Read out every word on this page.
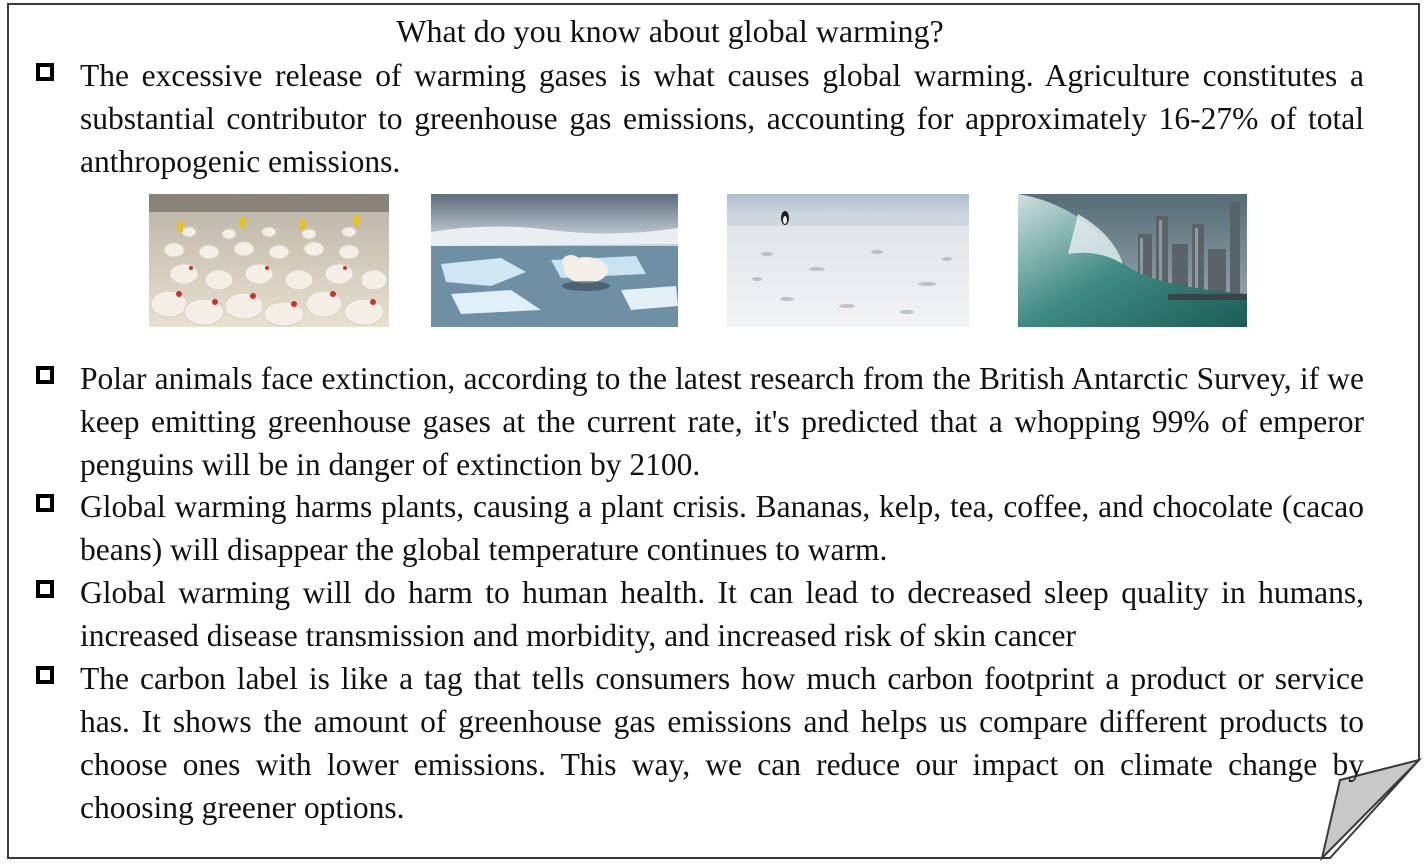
What do you know about global warming?

The excessive release of warming gases is what causes global warming. Agriculture constitutes a substantial contributor to greenhouse gas emissions, accounting for approximately 16-27% of total anthropogenic emissions.

Polar animals face extinction, according to the latest research from the British Antarctic Survey, if we keep emitting greenhouse gases at the current rate, it's predicted that a whopping 99% of emperor penguins will be in danger of extinction by 2100.

Global warming harms plants, causing a plant crisis. Bananas, kelp, tea, coffee, and chocolate (cacao beans) will disappear the global temperature continues to warm.

Global warming will do harm to human health. It can lead to decreased sleep quality in humans, increased disease transmission and morbidity, and increased risk of skin cancer

The carbon label is like a tag that tells consumers how much carbon footprint a product or service has. It shows the amount of greenhouse gas emissions and helps us compare different products to choose ones with lower emissions. This way, we can reduce our impact on climate change by choosing greener options.
